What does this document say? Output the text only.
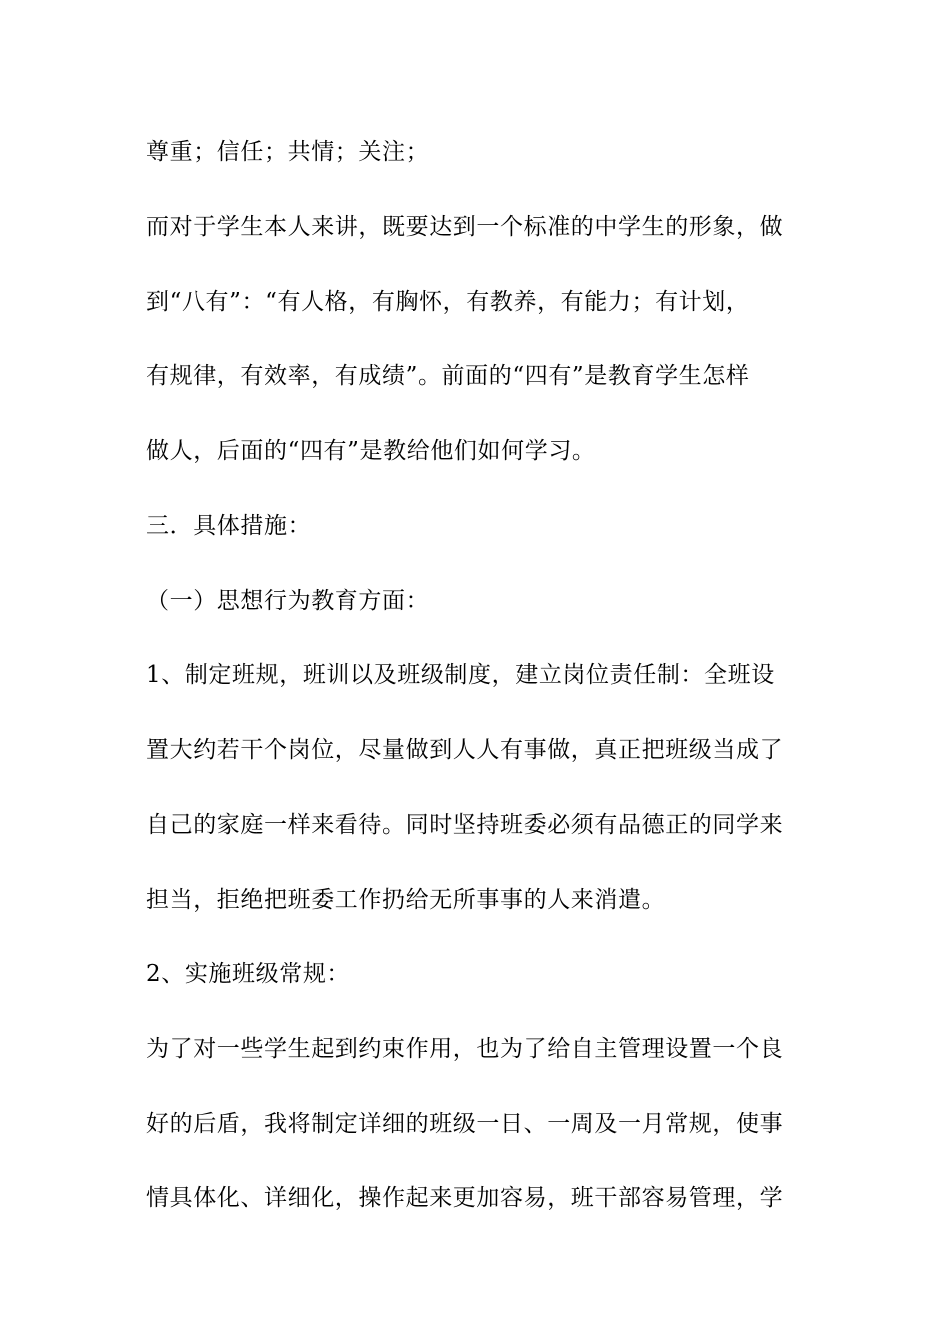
尊重；信任；共情；关注；
而对于学生本人来讲，既要达到一个标准的中学生的形象，做
到“八有”：“有人格，有胸怀，有教养，有能力；有计划，
有规律，有效率，有成绩”。前面的“四有”是教育学生怎样
做人，后面的“四有”是教给他们如何学习。
三．具体措施：
（一）思想行为教育方面：
1、制定班规，班训以及班级制度，建立岗位责任制：全班设
置大约若干个岗位，尽量做到人人有事做，真正把班级当成了
自己的家庭一样来看待。同时坚持班委必须有品德正的同学来
担当，拒绝把班委工作扔给无所事事的人来消遣。
2、实施班级常规：
为了对一些学生起到约束作用，也为了给自主管理设置一个良
好的后盾，我将制定详细的班级一日、一周及一月常规，使事
情具体化、详细化，操作起来更加容易，班干部容易管理，学
